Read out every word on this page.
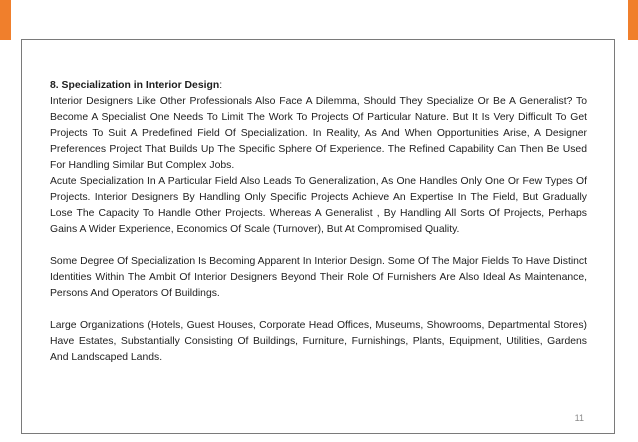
8. Specialization in Interior Design:
Interior Designers Like Other Professionals Also Face A Dilemma, Should They Specialize Or Be A Generalist? To Become A Specialist One Needs To Limit The Work To Projects Of Particular Nature. But It Is Very Difficult To Get Projects To Suit A Predefined Field Of Specialization. In Reality, As And When Opportunities Arise, A Designer Preferences Project That Builds Up The Specific Sphere Of Experience. The Refined Capability Can Then Be Used For Handling Similar But Complex Jobs.

Acute Specialization In A Particular Field Also Leads To Generalization, As One Handles Only One Or Few Types Of Projects. Interior Designers By Handling Only Specific Projects Achieve An Expertise In The Field, But Gradually Lose The Capacity To Handle Other Projects. Whereas A Generalist , By Handling All Sorts Of Projects, Perhaps Gains A Wider Experience, Economics Of Scale (Turnover), But At Compromised Quality.

Some Degree Of Specialization Is Becoming Apparent In Interior Design. Some Of The Major Fields To Have Distinct Identities Within The Ambit Of Interior Designers Beyond Their Role Of Furnishers Are Also Ideal As Maintenance, Persons And Operators Of Buildings.

Large Organizations (Hotels, Guest Houses, Corporate Head Offices, Museums, Showrooms, Departmental Stores) Have Estates, Substantially Consisting Of Buildings, Furniture, Furnishings, Plants, Equipment, Utilities, Gardens And Landscaped Lands.

11
